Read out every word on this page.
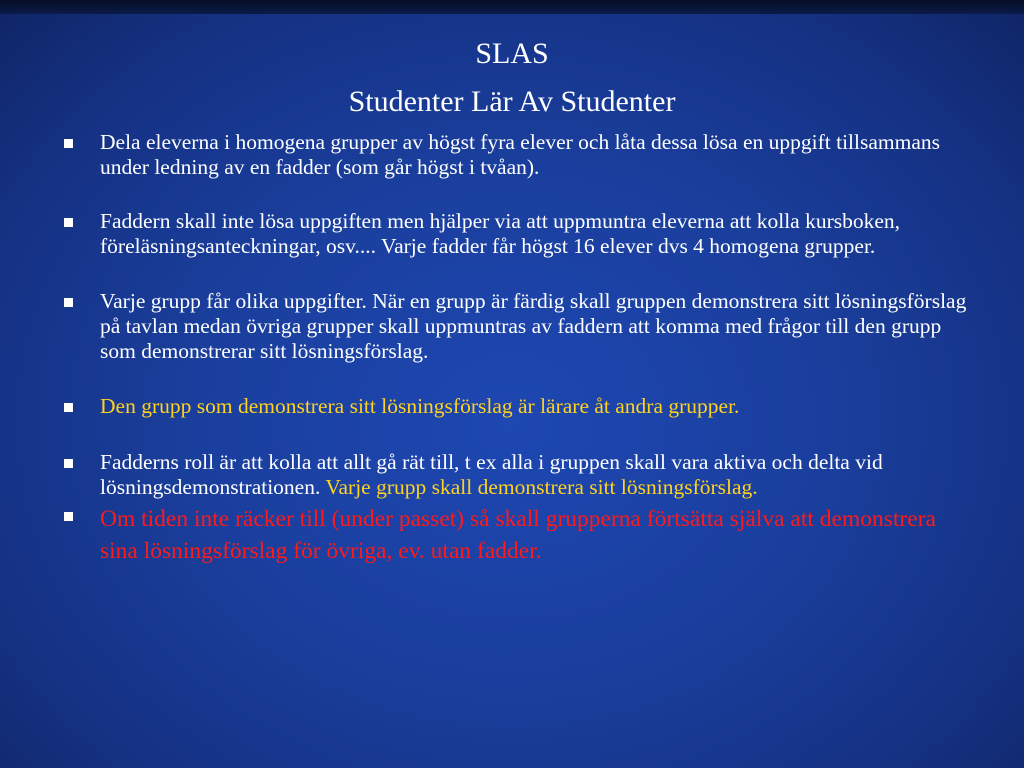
SLAS
Studenter Lär Av Studenter
Dela eleverna i homogena grupper av högst fyra elever och låta dessa lösa en uppgift tillsammans under ledning av en fadder (som går högst i tvåan).
Faddern skall inte lösa uppgiften men hjälper via att uppmuntra eleverna att kolla kursboken, föreläsningsanteckningar, osv.... Varje fadder får högst 16 elever dvs 4 homogena grupper.
Varje grupp får olika uppgifter. När en grupp är färdig skall gruppen demonstrera sitt lösningsförslag på tavlan medan övriga grupper skall uppmuntras av faddern att komma med frågor till den grupp som demonstrerar sitt lösningsförslag.
Den grupp som demonstrera sitt lösningsförslag är lärare åt andra grupper.
Fadderns roll är att kolla att allt gå rät till, t ex alla i gruppen skall vara aktiva och delta vid lösningsdemonstrationen. Varje grupp skall demonstrera sitt lösningsförslag.
Om tiden inte räcker till (under passet) så skall grupperna förtsätta själva att demonstrera sina lösningsförslag för övriga, ev. utan fadder.
